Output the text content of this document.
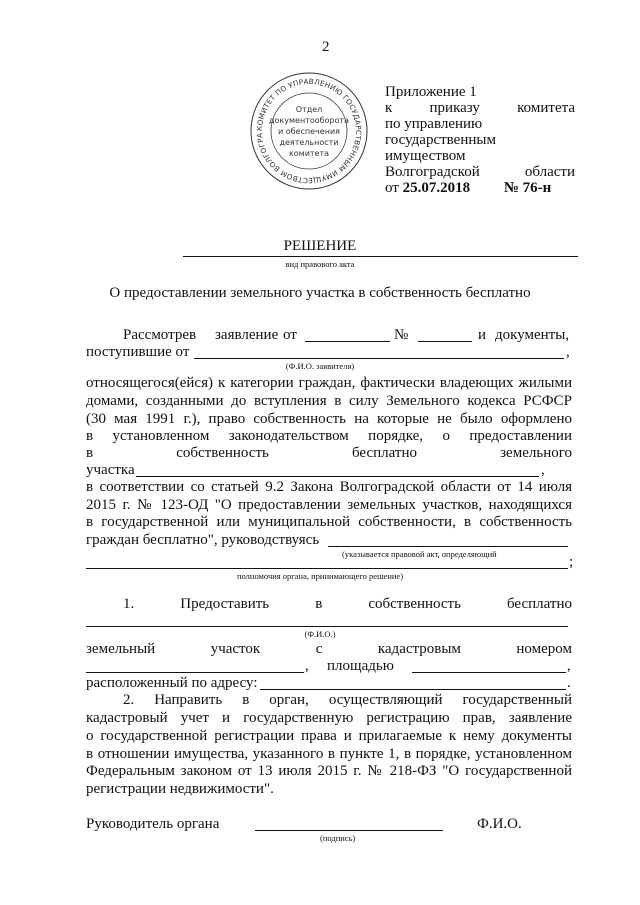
2
КОМИТЕТ ПО УПРАВЛЕНИЮ ГОСУДАРСТВЕННЫМ ИМУЩЕСТВОМ ВОЛГОГРА
Отдел
документооборота
и обеспечения
деятельности
комитета
Приложение 1
к приказу комитета
по управлению
государственным
имуществом
Волгоградской	области
от 25.07.2018 № 76-н
РЕШЕНИЕ
вид правового акта
О предоставлении земельного участка в собственность бесплатно
Рассмотрев заявление от	№	и документы,
поступившие от	,
(Ф.И.О. заявителя)
относящегося(ейся) к категории граждан, фактически владеющих жилыми
домами, созданными до вступления в силу Земельного кодекса РСФСР
(30 мая 1991 г.), право собственность на которые не было оформлено
в установленном законодательством порядке, о предоставлении
в собственность бесплатно земельного
участка	,
в соответствии со статьей 9.2 Закона Волгоградской области от 14 июля
2015 г. № 123-ОД "О предоставлении земельных участков, находящихся
в государственной или муниципальной собственности, в собственность
граждан бесплатно", руководствуясь
(указывается правовой акт, определяющий	;
полномочия органа, принимающего решение)
1. Предоставить в собственность бесплатно
(Ф.И.О.)
земельный участок с кадастровым номером
, площадью	,
расположенный по адресу:	.
2. Направить в орган, осуществляющий государственный
кадастровый учет и государственную регистрацию прав, заявление
о государственной регистрации права и прилагаемые к нему документы
в отношении имущества, указанного в пункте 1, в порядке, установленном
Федеральным законом от 13 июля 2015 г. № 218-ФЗ "О государственной
регистрации недвижимости".
Руководитель органа
(подпись)
Ф.И.О.
